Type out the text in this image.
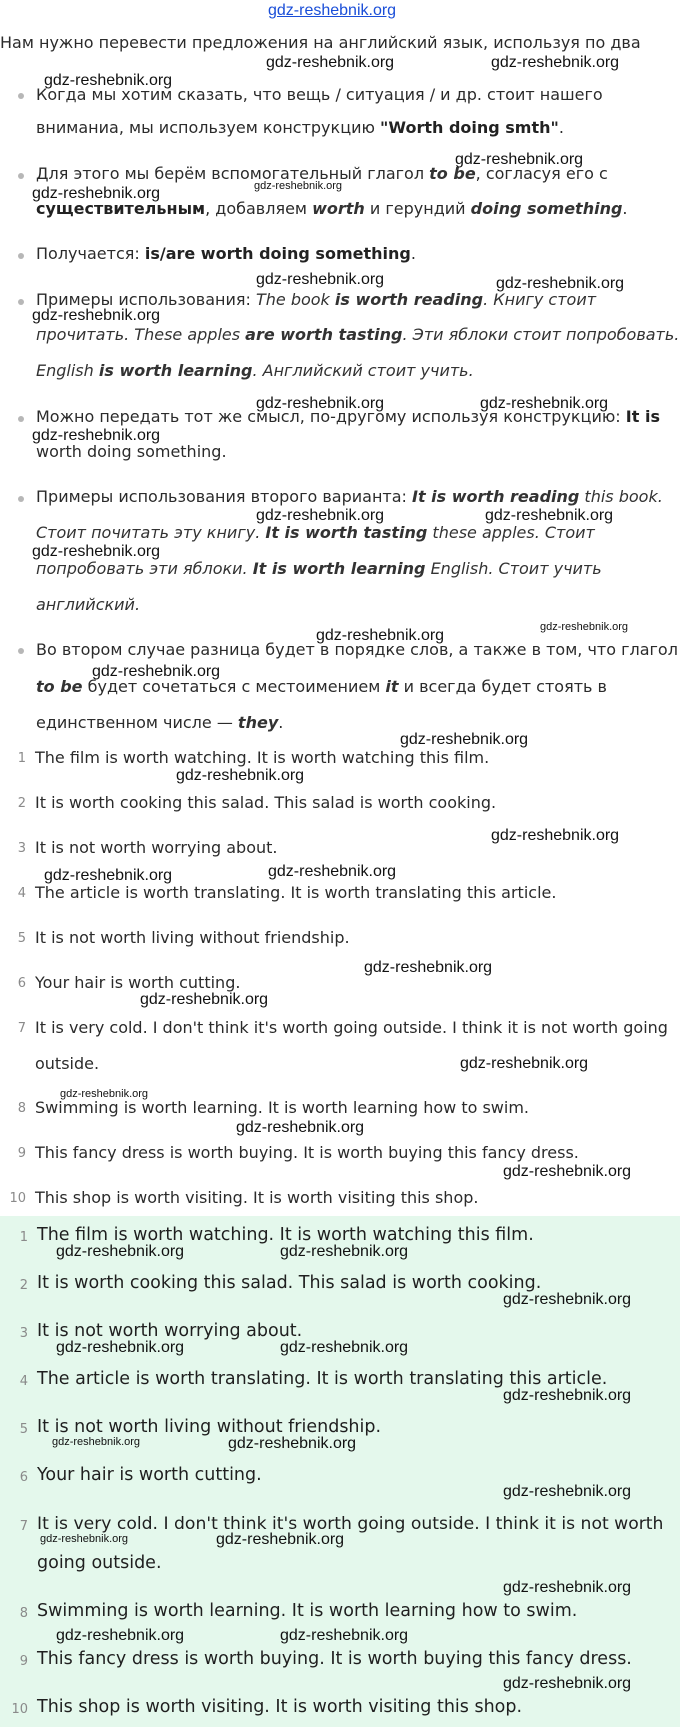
gdz-reshebnik.org
Нам нужно перевести предложения на английский язык, используя по два
Когда мы хотим сказать, что вещь / ситуация / и др. стоит нашего
вниманиa, мы используем конструкцию "Worth doing smth".
Для этого мы берём вспомогательный глагол to be, согласуя его с
существительным, добавляем worth и герундий doing something.
Получается: is/are worth doing something.
Примеры использования: The book is worth reading. Книгу стоит
прочитать. These apples are worth tasting. Эти яблоки стоит попробовать.
English is worth learning. Английский стоит учить.
Можно передать тот же смысл, по-другому используя конструкцию: It is
worth doing something.
Примеры использования второго варианта: It is worth reading this book.
Стоит почитать эту книгу. It is worth tasting these apples. Стоит
попробовать эти яблоки. It is worth learning English. Стоит учить
английский.
Во втором случае разница будет в порядке слов, а также в том, что глагол
to be будет сочетаться с местоимением it и всегда будет стоять в
единственном числе — they.
1 The film is worth watching. It is worth watching this film.
2 It is worth cooking this salad. This salad is worth cooking.
3 It is not worth worrying about.
4 The article is worth translating. It is worth translating this article.
5 It is not worth living without friendship.
6 Your hair is worth cutting.
7 It is very cold. I don't think it's worth going outside. I think it is not worth going
outside.
8 Swimming is worth learning. It is worth learning how to swim.
9 This fancy dress is worth buying. It is worth buying this fancy dress.
10 This shop is worth visiting. It is worth visiting this shop.
1 The film is worth watching. It is worth watching this film.
2 It is worth cooking this salad. This salad is worth cooking.
3 It is not worth worrying about.
4 The article is worth translating. It is worth translating this article.
5 It is not worth living without friendship.
6 Your hair is worth cutting.
7 It is very cold. I don't think it's worth going outside. I think it is not worth
going outside.
8 Swimming is worth learning. It is worth learning how to swim.
9 This fancy dress is worth buying. It is worth buying this fancy dress.
10 This shop is worth visiting. It is worth visiting this shop.
gdz-reshebnik.org	gdz-reshebnik.org
gdz-reshebnik.org
gdz-reshebnik.org
gdz-reshebnik.org	gdz-reshebnik.org
gdz-reshebnik.org	gdz-reshebnik.org
gdz-reshebnik.org
gdz-reshebnik.org	gdz-reshebnik.org
gdz-reshebnik.org
gdz-reshebnik.org	gdz-reshebnik.org
gdz-reshebnik.org
gdz-reshebnik.org
gdz-reshebnik.org
gdz-reshebnik.org
gdz-reshebnik.org
gdz-reshebnik.org
gdz-reshebnik.org
gdz-reshebnik.org	gdz-reshebnik.org
gdz-reshebnik.org
gdz-reshebnik.org
gdz-reshebnik.org
gdz-reshebnik.org
gdz-reshebnik.org
gdz-reshebnik.org
gdz-reshebnik.org	gdz-reshebnik.org
gdz-reshebnik.org
gdz-reshebnik.org	gdz-reshebnik.org
gdz-reshebnik.org
gdz-reshebnik.org	gdz-reshebnik.org
gdz-reshebnik.org
gdz-reshebnik.org	gdz-reshebnik.org
gdz-reshebnik.org
gdz-reshebnik.org	gdz-reshebnik.org
gdz-reshebnik.org
